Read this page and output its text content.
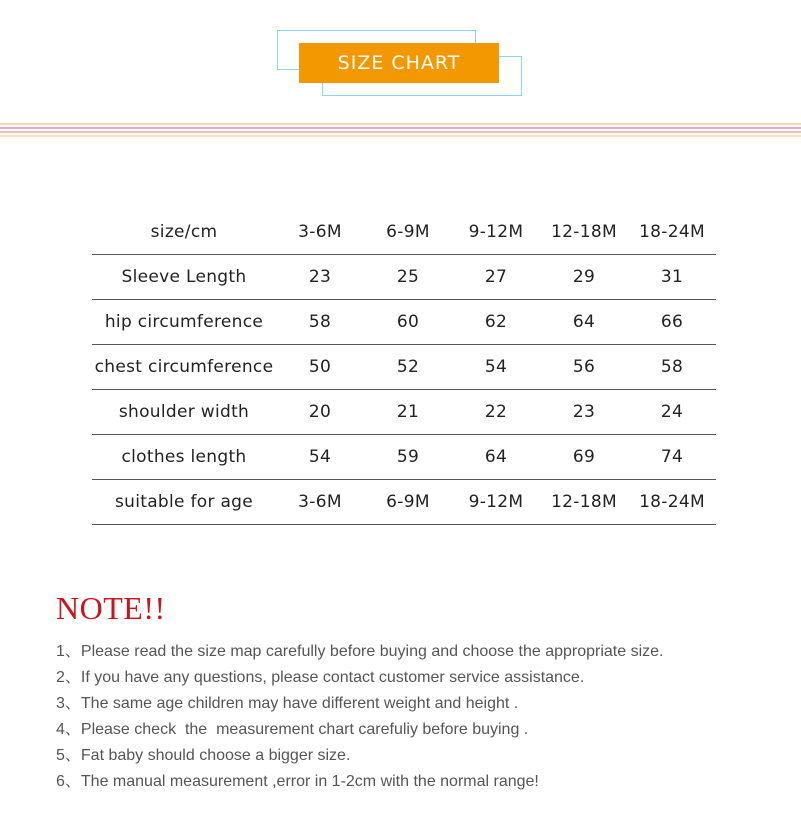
SIZE CHART
size/cm	3-6M	6-9M	9-12M	12-18M	18-24M
Sleeve Length	23	25	27	29	31
hip circumference	58	60	62	64	66
chest circumference	50	52	54	56	58
shoulder width	20	21	22	23	24
clothes length	54	59	64	69	74
suitable for age	3-6M	6-9M	9-12M	12-18M	18-24M
NOTE!!
1、Please read the size map carefully before buying and choose the appropriate size.
2、If you have any questions, please contact customer service assistance.
3、The same age children may have different weight and height .
4、Please check  the  measurement chart carefuliy before buying .
5、Fat baby should choose a bigger size.
6、The manual measurement ,error in 1-2cm with the normal range!
